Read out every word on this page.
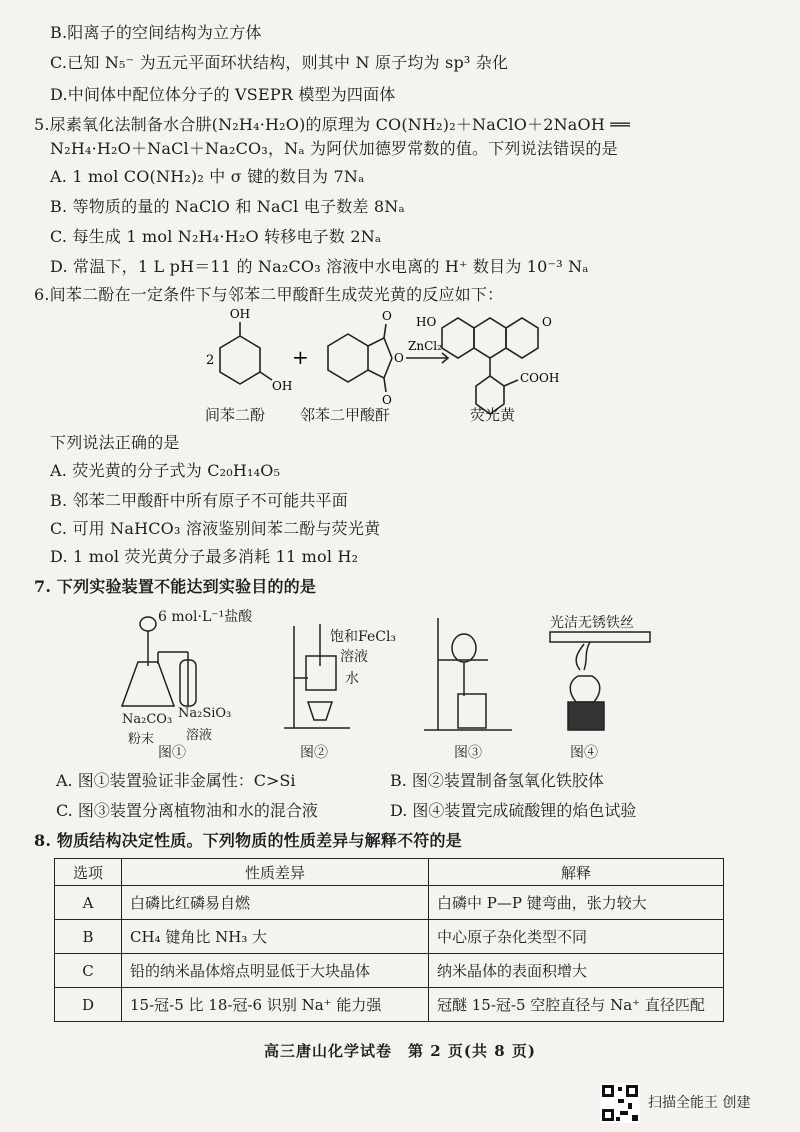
B.阳离子的空间结构为立方体
C.已知 N₅⁻ 为五元平面环状结构，则其中 N 原子均为 sp³ 杂化
D.中间体中配位体分子的 VSEPR 模型为四面体
5.尿素氧化法制备水合肼(N₂H₄·H₂O)的原理为 CO(NH₂)₂＋NaClO＋2NaOH ══
N₂H₄·H₂O＋NaCl＋Na₂CO₃，Nₐ 为阿伏加德罗常数的值。下列说法错误的是
A. 1 mol CO(NH₂)₂ 中 σ 键的数目为 7Nₐ
B. 等物质的量的 NaClO 和 NaCl 电子数差 8Nₐ
C. 每生成 1 mol N₂H₄·H₂O 转移电子数 2Nₐ
D. 常温下，1 L pH＝11 的 Na₂CO₃ 溶液中水电离的 H⁺ 数目为 10⁻³ Nₐ
6.间苯二酚在一定条件下与邻苯二甲酸酐生成荧光黄的反应如下：
OH
OH
2	+
O
O
O
ZnCl₂
HO	O
COOH
间苯二酚 邻苯二甲酸酐	荧光黄
下列说法正确的是
A. 荧光黄的分子式为 C₂₀H₁₄O₅
B. 邻苯二甲酸酐中所有原子不可能共平面
C. 可用 NaHCO₃ 溶液鉴别间苯二酚与荧光黄
D. 1 mol 荧光黄分子最多消耗 11 mol H₂
7. 下列实验装置不能达到实验目的的是
6 mol·L⁻¹盐酸
Na₂CO₃
粉末
Na₂SiO₃
溶液
图①
饱和FeCl₃
溶液
水
图②	图③
光洁无锈铁丝
图④
A. 图①装置验证非金属性：C>Si	B. 图②装置制备氢氧化铁胶体
C. 图③装置分离植物油和水的混合液	D. 图④装置完成硫酸锂的焰色试验
8. 物质结构决定性质。下列物质的性质差异与解释不符的是
选项	性质差异	解释
A	白磷比红磷易自燃	白磷中 P—P 键弯曲，张力较大
B	CH₄ 键角比 NH₃ 大	中心原子杂化类型不同
C	铅的纳米晶体熔点明显低于大块晶体	纳米晶体的表面积增大
D	15-冠-5 比 18-冠-6 识别 Na⁺ 能力强	冠醚 15-冠-5 空腔直径与 Na⁺ 直径匹配
高三唐山化学试卷　第 2 页(共 8 页)
扫描全能王 创建
